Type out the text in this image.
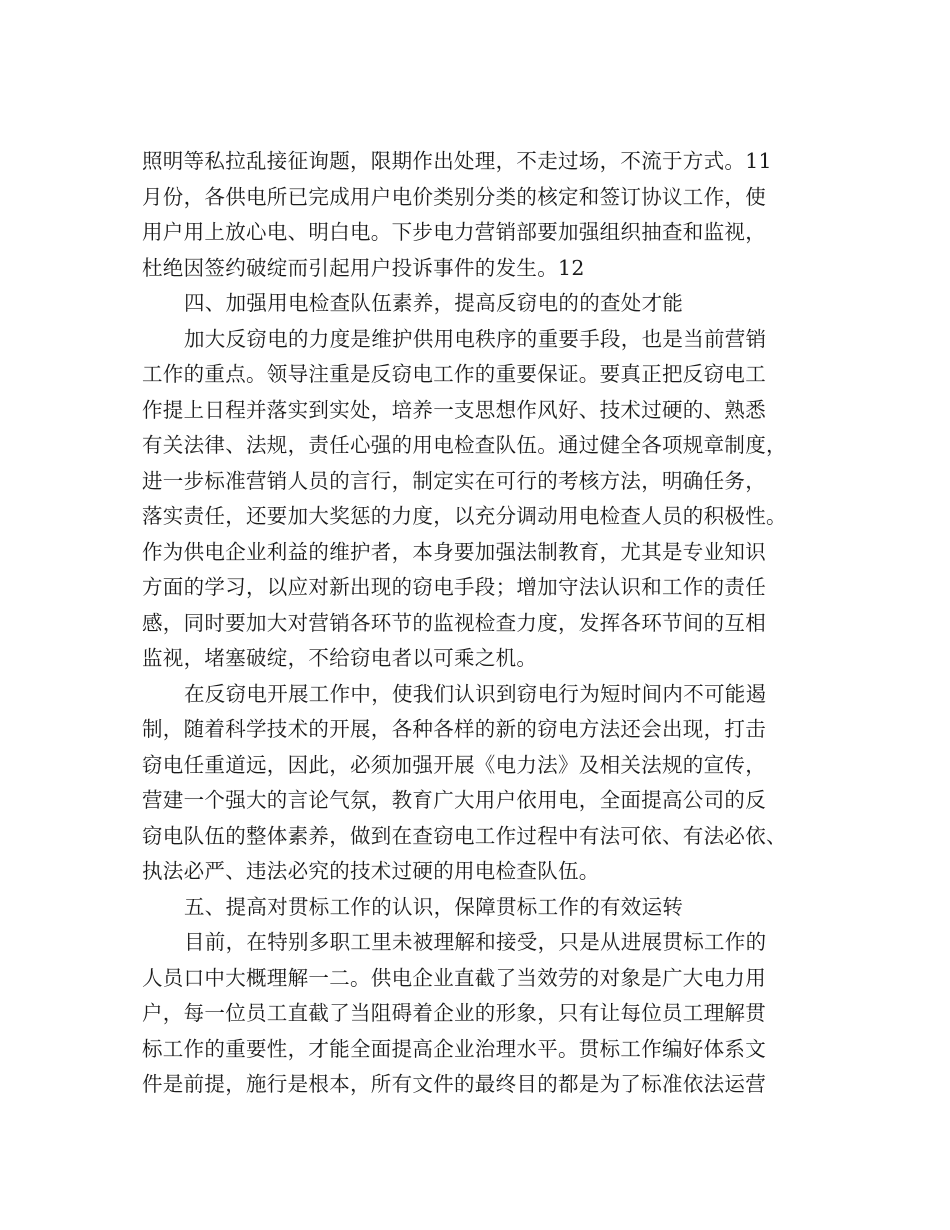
照明等私拉乱接征询题，限期作出处理，不走过场，不流于方式。11
月份，各供电所已完成用户电价类别分类的核定和签订协议工作，使
用户用上放心电、明白电。下步电力营销部要加强组织抽查和监视，
杜绝因签约破绽而引起用户投诉事件的发生。12
四、加强用电检查队伍素养，提高反窃电的的查处才能
加大反窃电的力度是维护供用电秩序的重要手段，也是当前营销
工作的重点。领导注重是反窃电工作的重要保证。要真正把反窃电工
作提上日程并落实到实处，培养一支思想作风好、技术过硬的、熟悉
有关法律、法规，责任心强的用电检查队伍。通过健全各项规章制度，
进一步标准营销人员的言行，制定实在可行的考核方法，明确任务，
落实责任，还要加大奖惩的力度，以充分调动用电检查人员的积极性。
作为供电企业利益的维护者，本身要加强法制教育，尤其是专业知识
方面的学习，以应对新出现的窃电手段；增加守法认识和工作的责任
感，同时要加大对营销各环节的监视检查力度，发挥各环节间的互相
监视，堵塞破绽，不给窃电者以可乘之机。
在反窃电开展工作中，使我们认识到窃电行为短时间内不可能遏
制，随着科学技术的开展，各种各样的新的窃电方法还会出现，打击
窃电任重道远，因此，必须加强开展《电力法》及相关法规的宣传，
营建一个强大的言论气氛，教育广大用户依用电，全面提高公司的反
窃电队伍的整体素养，做到在查窃电工作过程中有法可依、有法必依、
执法必严、违法必究的技术过硬的用电检查队伍。
五、提高对贯标工作的认识，保障贯标工作的有效运转
目前，在特别多职工里未被理解和接受，只是从进展贯标工作的
人员口中大概理解一二。供电企业直截了当效劳的对象是广大电力用
户，每一位员工直截了当阻碍着企业的形象，只有让每位员工理解贯
标工作的重要性，才能全面提高企业治理水平。贯标工作编好体系文
件是前提，施行是根本，所有文件的最终目的都是为了标准依法运营
